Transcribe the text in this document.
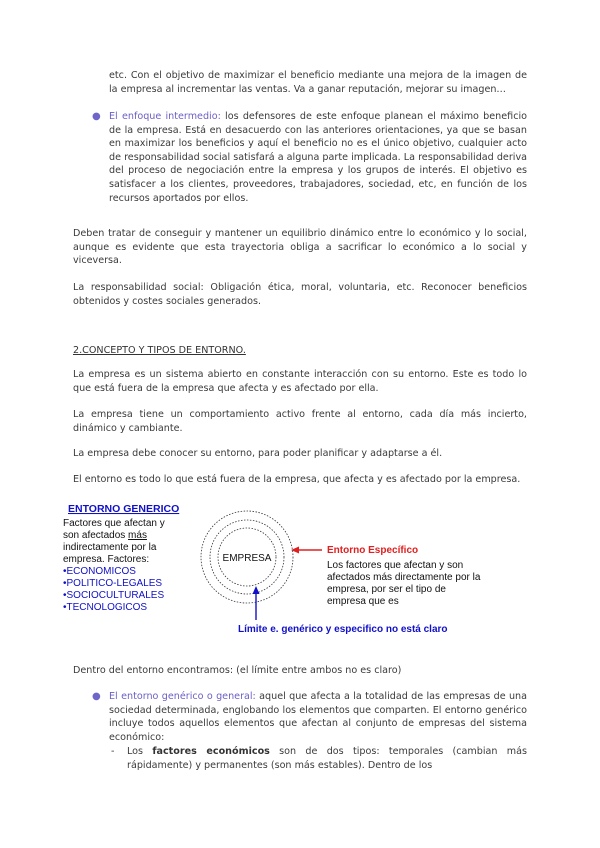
etc. Con el objetivo de maximizar el beneficio mediante una mejora de la imagen de la empresa al incrementar las ventas. Va a ganar reputación, mejorar su imagen…

● El enfoque intermedio: los defensores de este enfoque planean el máximo beneficio de la empresa. Está en desacuerdo con las anteriores orientaciones, ya que se basan en maximizar los beneficios y aquí el beneficio no es el único objetivo, cualquier acto de responsabilidad social satisfará a alguna parte implicada. La responsabilidad deriva del proceso de negociación entre la empresa y los grupos de interés. El objetivo es satisfacer a los clientes, proveedores, trabajadores, sociedad, etc, en función de los recursos aportados por ellos.

Deben tratar de conseguir y mantener un equilibrio dinámico entre lo económico y lo social, aunque es evidente que esta trayectoria obliga a sacrificar lo económico a lo social y viceversa.

La responsabilidad social: Obligación ética, moral, voluntaria, etc. Reconocer beneficios obtenidos y costes sociales generados.

2.CONCEPTO Y TIPOS DE ENTORNO.

La empresa es un sistema abierto en constante interacción con su entorno. Este es todo lo que está fuera de la empresa que afecta y es afectado por ella.

La empresa tiene un comportamiento activo frente al entorno, cada día más incierto, dinámico y cambiante.

La empresa debe conocer su entorno, para poder planificar y adaptarse a él.

El entorno es todo lo que está fuera de la empresa, que afecta y es afectado por la empresa.

ENTORNO GENERICO
Factores que afectan y
son afectados más
indirectamente por la
empresa. Factores:
•ECONOMICOS
•POLITICO-LEGALES
•SOCIOCULTURALES
•TECNOLOGICOS
EMPRESA
Entorno Específico
Los factores que afectan y son
afectados más directamente por la
empresa, por ser el tipo de
empresa que es
Límite e. genérico y especifico no está claro

Dentro del entorno encontramos: (el límite entre ambos no es claro)

● El entorno genérico o general: aquel que afecta a la totalidad de las empresas de una sociedad determinada, englobando los elementos que comparten. El entorno genérico incluye todos aquellos elementos que afectan al conjunto de empresas del sistema económico:

- Los factores económicos son de dos tipos: temporales (cambian más rápidamente) y permanentes (son más estables). Dentro de los
